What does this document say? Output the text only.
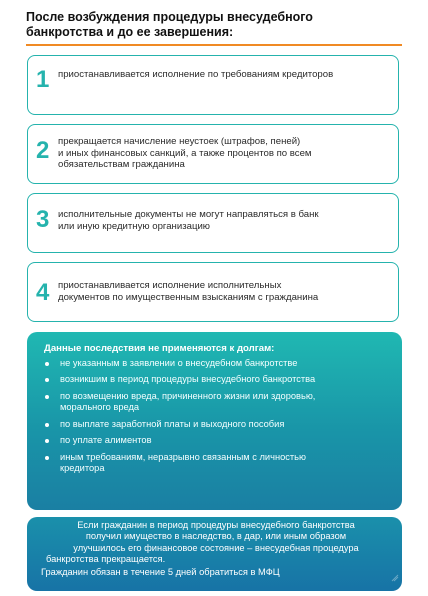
После возбуждения процедуры внесудебного
банкротства и до ее завершения:
1 приостанавливается исполнение по требованиям кредиторов
2 прекращается начисление неустоек (штрафов, пеней)
и иных финансовых санкций, а также процентов по всем
обязательствам гражданина
3 исполнительные документы не могут направляться в банк
или иную кредитную организацию
4 приостанавливается исполнение исполнительных
документов по имущественным взысканиям с гражданина
Данные последствия не применяются к долгам:
не указанным в заявлении о внесудебном банкротстве
возникшим в период процедуры внесудебного банкротства
по возмещению вреда, причиненного жизни или здоровью,
морального вреда
по выплате заработной платы и выходного пособия
по уплате алиментов
иным требованиям, неразрывно связанным с личностью
кредитора
Если гражданин в период процедуры внесудебного банкротства
получил имущество в наследство, в дар, или иным образом
улучшилось его финансовое состояние – внесудебная процедура
банкротства прекращается.
Гражданин обязан в течение 5 дней обратиться в МФЦ
